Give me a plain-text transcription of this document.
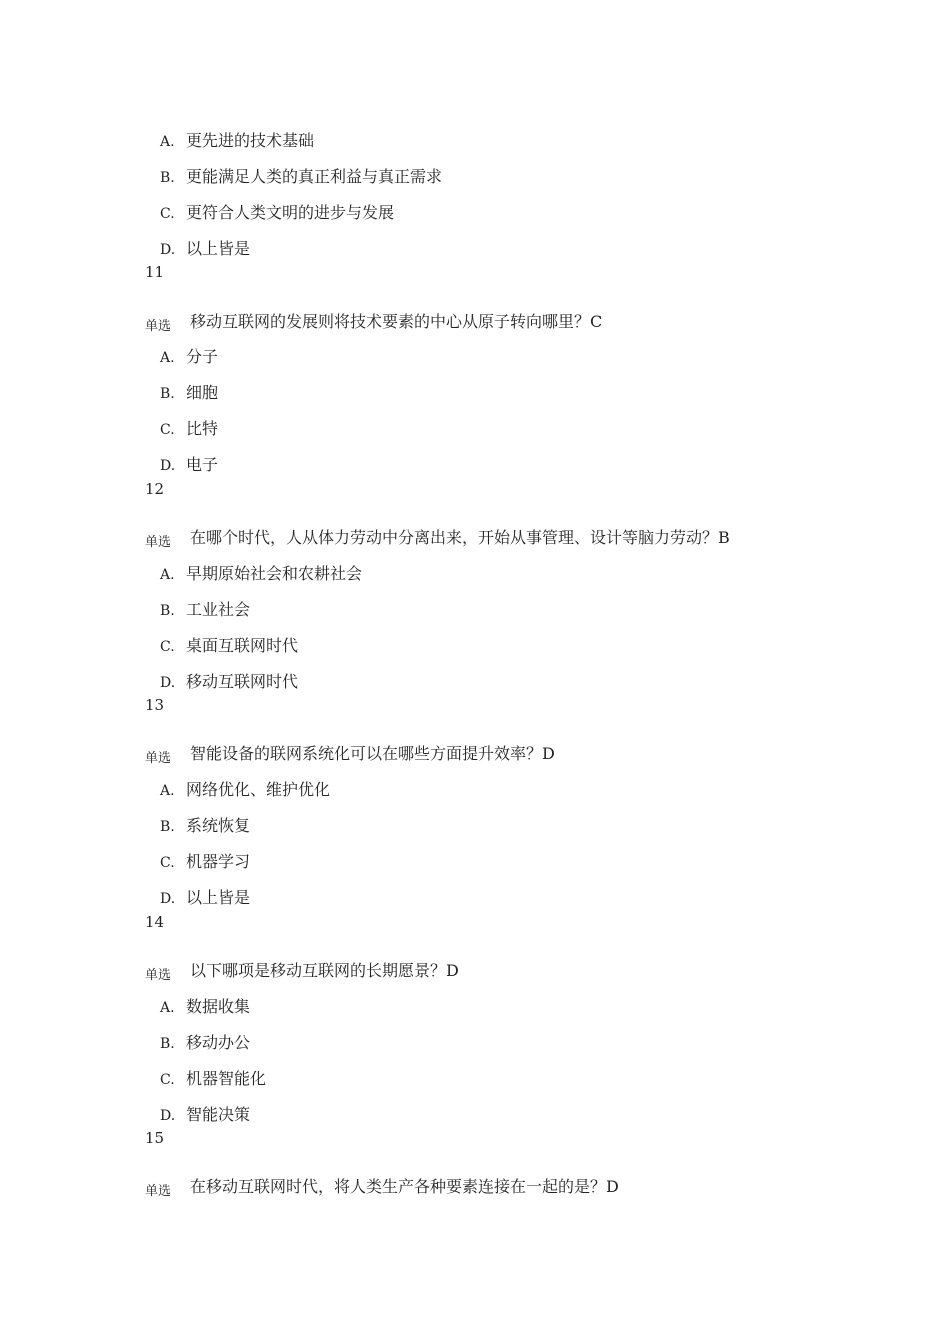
A. 更先进的技术基础
B. 更能满足人类的真正利益与真正需求
C. 更符合人类文明的进步与发展
D. 以上皆是
11
单选 移动互联网的发展则将技术要素的中心从原子转向哪里？C
A. 分子
B. 细胞
C. 比特
D. 电子
12
单选 在哪个时代，人从体力劳动中分离出来，开始从事管理、设计等脑力劳动？B
A. 早期原始社会和农耕社会
B. 工业社会
C. 桌面互联网时代
D. 移动互联网时代
13
单选 智能设备的联网系统化可以在哪些方面提升效率？D
A. 网络优化、维护优化
B. 系统恢复
C. 机器学习
D. 以上皆是
14
单选 以下哪项是移动互联网的长期愿景？D
A. 数据收集
B. 移动办公
C. 机器智能化
D. 智能决策
15
单选 在移动互联网时代，将人类生产各种要素连接在一起的是？D
